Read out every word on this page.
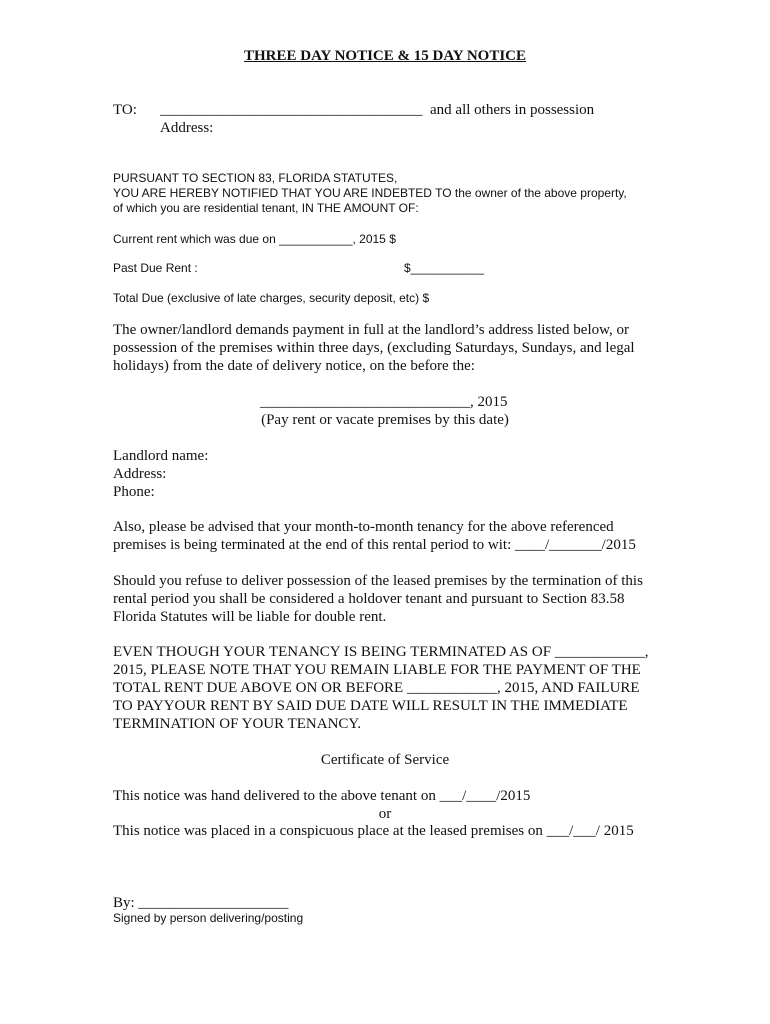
THREE DAY NOTICE & 15 DAY NOTICE
TO: ___________________________________ and all others in possession
Address:
PURSUANT TO SECTION 83, FLORIDA STATUTES,
YOU ARE HEREBY NOTIFIED THAT YOU ARE INDEBTED TO the owner of the above property,
of which you are residential tenant, IN THE AMOUNT OF:
Current rent which was due on ___________, 2015 $
Past Due Rent :	$___________
Total Due (exclusive of late charges, security deposit, etc) $
The owner/landlord demands payment in full at the landlord’s address listed below, or
possession of the premises within three days, (excluding Saturdays, Sundays, and legal
holidays) from the date of delivery notice, on the before the:
____________________________, 2015
(Pay rent or vacate premises by this date)
Landlord name:
Address:
Phone:
Also, please be advised that your month-to-month tenancy for the above referenced
premises is being terminated at the end of this rental period to wit: ____/_______/2015
Should you refuse to deliver possession of the leased premises by the termination of this
rental period you shall be considered a holdover tenant and pursuant to Section 83.58
Florida Statutes will be liable for double rent.
EVEN THOUGH YOUR TENANCY IS BEING TERMINATED AS OF ____________,
2015, PLEASE NOTE THAT YOU REMAIN LIABLE FOR THE PAYMENT OF THE
TOTAL RENT DUE ABOVE ON OR BEFORE ____________, 2015, AND FAILURE
TO PAYYOUR RENT BY SAID DUE DATE WILL RESULT IN THE IMMEDIATE
TERMINATION OF YOUR TENANCY.
Certificate of Service
This notice was hand delivered to the above tenant on ___/____/2015
or
This notice was placed in a conspicuous place at the leased premises on ___/___/ 2015
By: ____________________
Signed by person delivering/posting
